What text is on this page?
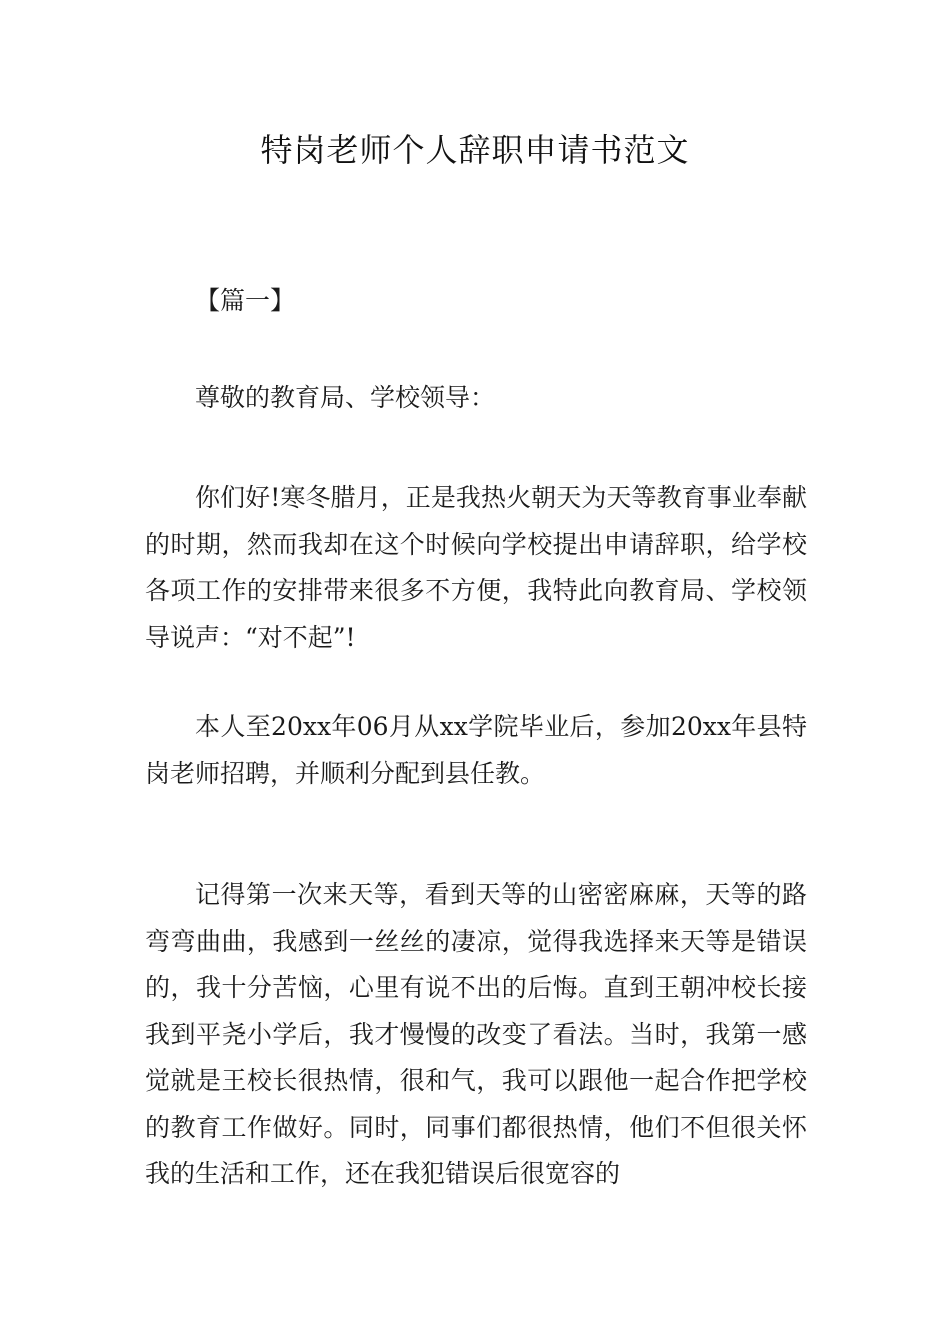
特岗老师个人辞职申请书范文
【篇一】
尊敬的教育局、学校领导：
你们好!寒冬腊月，正是我热火朝天为天等教育事业奉献的时期，然而我却在这个时候向学校提出申请辞职，给学校各项工作的安排带来很多不方便，我特此向教育局、学校领导说声：“对不起”!
本人至20xx年06月从xx学院毕业后，参加20xx年县特岗老师招聘，并顺利分配到县任教。
记得第一次来天等，看到天等的山密密麻麻，天等的路弯弯曲曲，我感到一丝丝的凄凉，觉得我选择来天等是错误的，我十分苦恼，心里有说不出的后悔。直到王朝冲校长接我到平尧小学后，我才慢慢的改变了看法。当时，我第一感觉就是王校长很热情，很和气，我可以跟他一起合作把学校的教育工作做好。同时，同事们都很热情，他们不但很关怀我的生活和工作，还在我犯错误后很宽容的
